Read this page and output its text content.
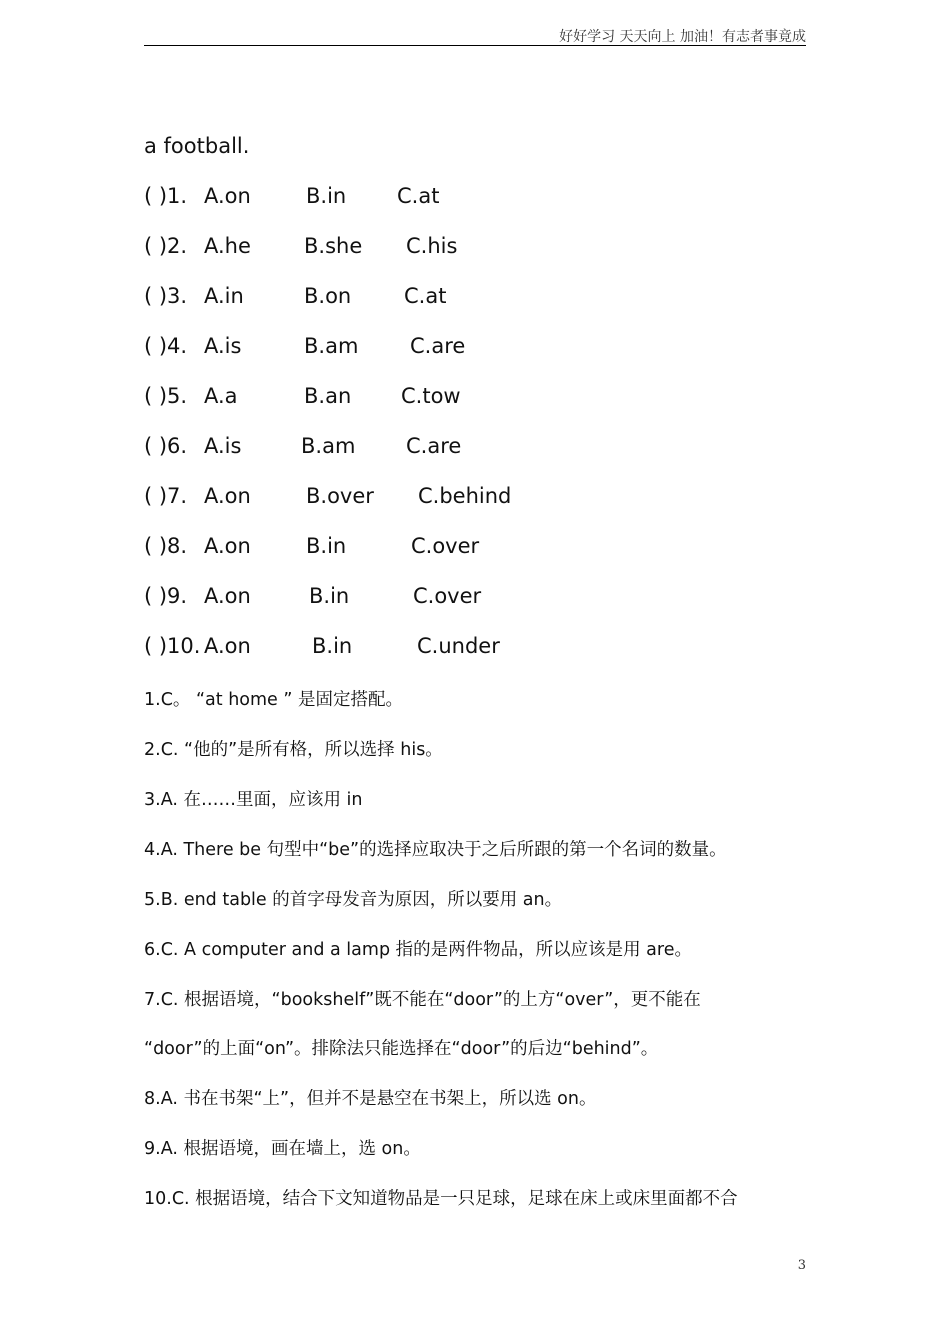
好好学习 天天向上 加油！有志者事竟成
a football.
( )1. A.on	B.in C.at
( )2. A.he	B.she C.his
( )3. A.in	B.on	C.at
( )4. A.is	B.am C.are
( )5. A.a	B.an C.tow
( )6. A.is	B.am C.are
( )7. A.on	B.over C.behind
( )8. A.on	B.in	C.over
( )9. A.on	B.in	C.over
( )10. A.on	B.in	C.under
1.C。 “at home ” 是固定搭配。
2.C. “他的”是所有格，所以选择 his。
3.A. 在……里面，应该用 in
4.A. There be 句型中“be”的选择应取决于之后所跟的第一个名词的数量。
5.B. end table 的首字母发音为原因，所以要用 an。
6.C. A computer and a lamp 指的是两件物品，所以应该是用 are。
7.C. 根据语境，“bookshelf”既不能在“door”的上方“over”，更不能在
“door”的上面“on”。排除法只能选择在“door”的后边“behind”。
8.A. 书在书架“上”，但并不是悬空在书架上，所以选 on。
9.A. 根据语境，画在墙上，选 on。
10.C. 根据语境，结合下文知道物品是一只足球，足球在床上或床里面都不合
3
